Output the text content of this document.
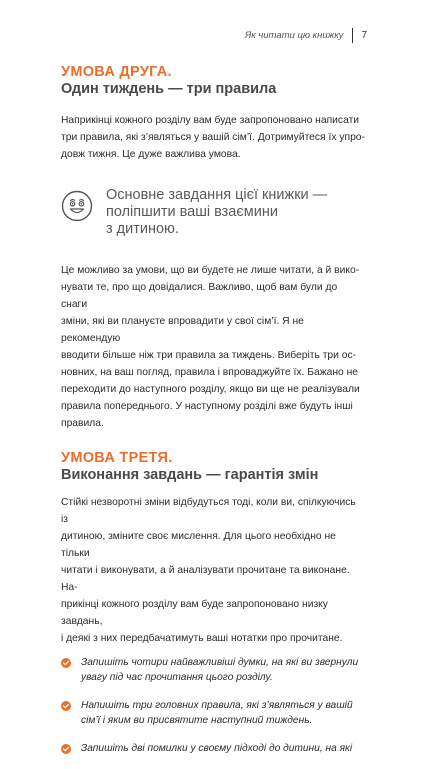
Як читати цю книжку 7
УМОВА ДРУГА.
Один тиждень — три правила

Наприкінці кожного розділу вам буде запропоновано написати
три правила, які з’являться у вашій сім’ї. Дотримуйтеся їх упро-
довж тижня. Це дуже важлива умова.

Основне завдання цієї книжки —
поліпшити ваші взаємини
з дитиною.

Це можливо за умови, що ви будете не лише читати, а й вико-
нувати те, про що довідалися. Важливо, щоб вам були до снаги
зміни, які ви плануєте впровадити у свої сім’ї. Я не рекомендую
вводити більше ніж три правила за тиждень. Виберіть три ос-
новних, на ваш погляд, правила і впроваджуйте їх. Бажано не
переходити до наступного розділу, якщо ви ще не реалізували
правила попереднього. У наступному розділі вже будуть інші
правила.

УМОВА ТРЕТЯ.
Виконання завдань — гарантія змін

Стійкі незворотні зміни відбудуться тоді, коли ви, спілкуючись із
дитиною, зміните своє мислення. Для цього необхідно не тільки
читати і виконувати, а й аналізувати прочитане та виконане. На-
прикінці кожного розділу вам буде запропоновано низку завдань,
і деякі з них передбачатимуть ваші нотатки про прочитане.

Запишіть чотири найважливіші думки, на які ви звернули
увагу під час прочитання цього розділу.
Напишіть три головних правила, які з’являться у вашій
сім’ї і яким ви присвятите наступний тиждень.
Запишіть дві помилки у своєму підході до дитини, на які
